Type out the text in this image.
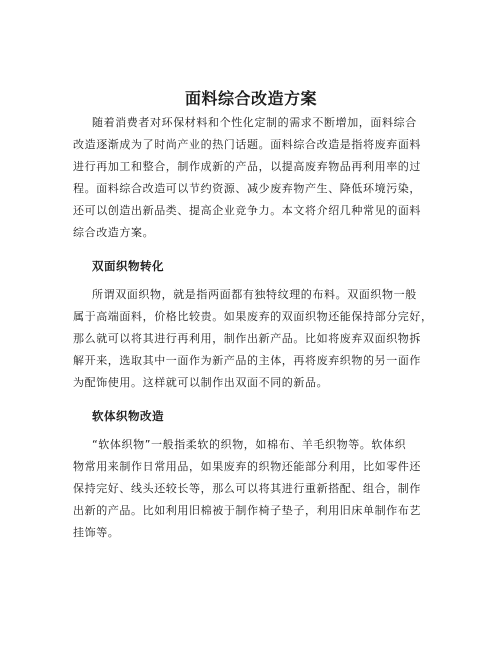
面料综合改造方案
随着消费者对环保材料和个性化定制的需求不断增加，面料综合
改造逐渐成为了时尚产业的热门话题。面料综合改造是指将废弃面料
进行再加工和整合，制作成新的产品，以提高废弃物品再利用率的过
程。面料综合改造可以节约资源、减少废弃物产生、降低环境污染，
还可以创造出新品类、提高企业竞争力。本文将介绍几种常见的面料
综合改造方案。
双面织物转化
所谓双面织物，就是指两面都有独特纹理的布料。双面织物一般
属于高端面料，价格比较贵。如果废弃的双面织物还能保持部分完好，
那么就可以将其进行再利用，制作出新产品。比如将废弃双面织物拆
解开来，选取其中一面作为新产品的主体，再将废弃织物的另一面作
为配饰使用。这样就可以制作出双面不同的新品。
软体织物改造
“软体织物”一般指柔软的织物，如棉布、羊毛织物等。软体织
物常用来制作日常用品，如果废弃的织物还能部分利用，比如零件还
保持完好、线头还较长等，那么可以将其进行重新搭配、组合，制作
出新的产品。比如利用旧棉被于制作椅子垫子，利用旧床单制作布艺
挂饰等。
